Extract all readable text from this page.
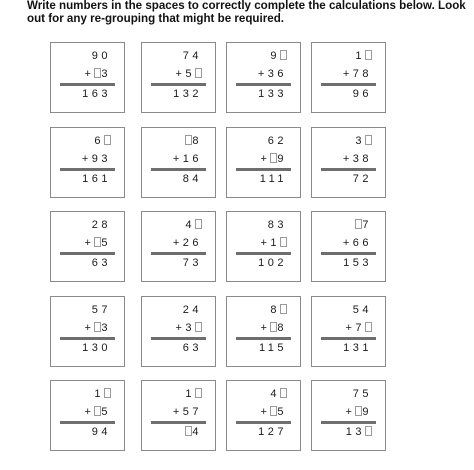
Write numbers in the spaces to correctly complete the calculations below. Look out for any re-grouping that might be required.
90
+ 3
163
74
+5
132
9
+36
133
1
+78
96
6
+93
161
8
+16
84
62
+ 9
111
3
+38
72
28
+ 5
63
4
+26
73
83
+1
102
7
+66
153
57
+ 3
130
24
+3
63
8
+ 8
115
54
+7
131
1
+ 5
94
1
+57
4
4
+ 5
127
75
+ 9
13
